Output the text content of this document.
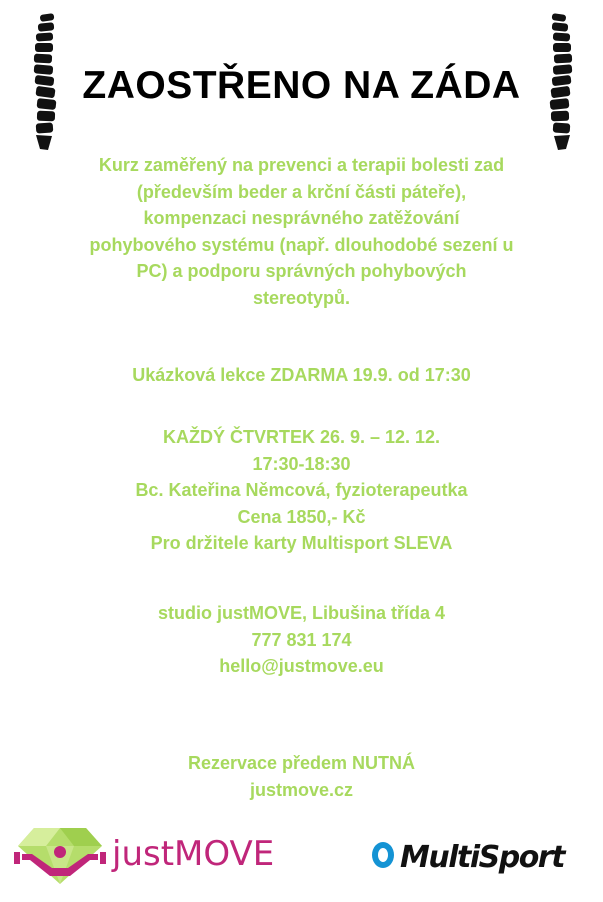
ZAOSTŘENO NA ZÁDA
Kurz zaměřený na prevenci a terapii bolesti zad
(především beder a krční části páteře),
kompenzaci nesprávného zatěžování
pohybového systému (např. dlouhodobé sezení u
PC) a podporu správných pohybových
stereotypů.
Ukázková lekce ZDARMA 19.9. od 17:30
KAŽDÝ ČTVRTEK 26. 9. – 12. 12.
17:30-18:30
Bc. Kateřina Němcová, fyzioterapeutka
Cena 1850,- Kč
Pro držitele karty Multisport SLEVA
studio justMOVE, Libušina třída 4
777 831 174
hello@justmove.eu
Rezervace předem NUTNÁ
justmove.cz
justMOVE	MultiSport
